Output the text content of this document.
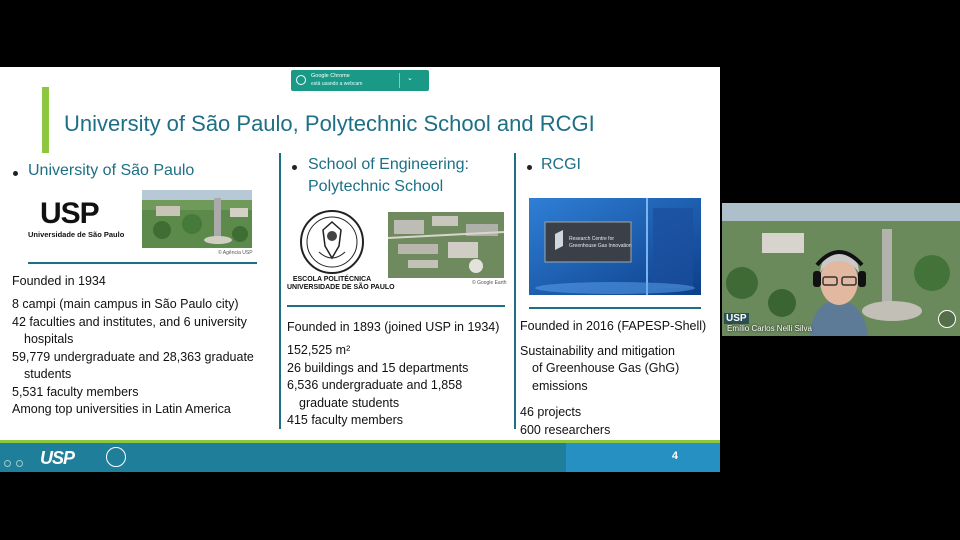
University of São Paulo, Polytechnic School and RCGI
University of São Paulo
© Agência USP
USP
Universidade de São Paulo
Founded in 1934
8 campi (main campus in São Paulo city)
42 faculties and institutes, and 6 university
hospitals
59,779 undergraduate and 28,363 graduate
students
5,531 faculty members
Among top universities in Latin America
School of Engineering:
Polytechnic School
ESCOLA POLITÉCNICA
UNIVERSIDADE DE SÃO PAULO
© Google Earth
Founded in 1893 (joined USP in 1934)
152,525 m²
26 buildings and 15 departments
6,536 undergraduate and 1,858
graduate students
415 faculty members
RCGI
Research Centre for
Greenhouse Gas Innovation
Founded in 2016 (FAPESP-Shell)
Sustainability and mitigation
of Greenhouse Gas (GhG)
emissions
46 projects
600 researchers
USP	4
Google Chrome
está usando a webcam
⌄
USP
Emílio Carlos Nelli Silva
